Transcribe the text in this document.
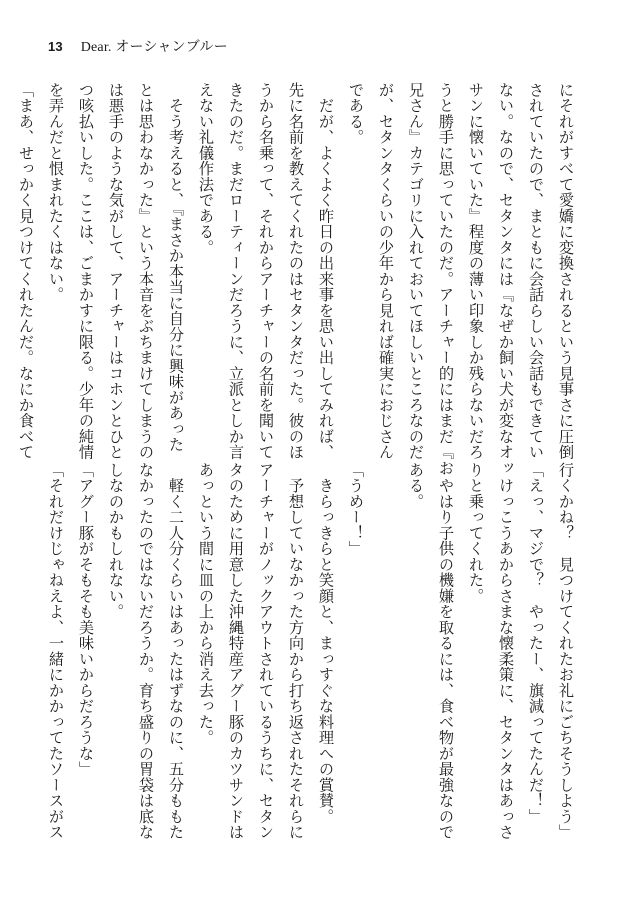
13 Dear. オーシャンブルー
にそれがすべて愛嬌に変換されるという見事さに圧倒
されていたので、まともに会話らしい会話もできてい
ない。なので、セタンタには『なぜか飼い犬が変なオッ
サンに懐いていた』程度の薄い印象しか残らないだろ
うと勝手に思っていたのだ。アーチャー的にはまだ『お
兄さん』カテゴリに入れておいてほしいところなのだ
が、セタンタくらいの少年から見れば確実におじさん
である。
　だが、よくよく昨日の出来事を思い出してみれば、
先に名前を教えてくれたのはセタンタだった。彼のほ
うから名乗って、それからアーチャーの名前を聞いて
きたのだ。まだローティーンだろうに、立派としか言
えない礼儀作法である。
　そう考えると、『まさか本当に自分に興味があった
とは思わなかった』という本音をぶちまけてしまうの
は悪手のような気がして、アーチャーはコホンとひと
つ咳払いした。ここは、ごまかすに限る。少年の純情
を弄んだと恨まれたくはない。
「まあ、せっかく見つけてくれたんだ。なにか食べて
行くかね？　見つけてくれたお礼にごちそうしよう」
「えっ、マジで？　やったー、旗減ってたんだ！」
　けっこうあからさまな懐柔策に、セタンタはあっさ
りと乗ってくれた。
　やはり子供の機嫌を取るには、食べ物が最強なので
ある。
「うめー！」
　きらっきらと笑顔と、まっすぐな料理への賞賛。
　予想していなかった方向から打ち返されたそれらに
アーチャーがノックアウトされているうちに、セタン
タのために用意した沖縄特産アグー豚のカツサンドは
あっという間に皿の上から消え去った。
　軽く二人分くらいはあったはずなのに、五分ももた
なかったのではないだろうか。育ち盛りの胃袋は底な
しなのかもしれない。
「アグー豚がそもそも美味いからだろうな」
「それだけじゃねえよ、一緒にかかってたソースがス
